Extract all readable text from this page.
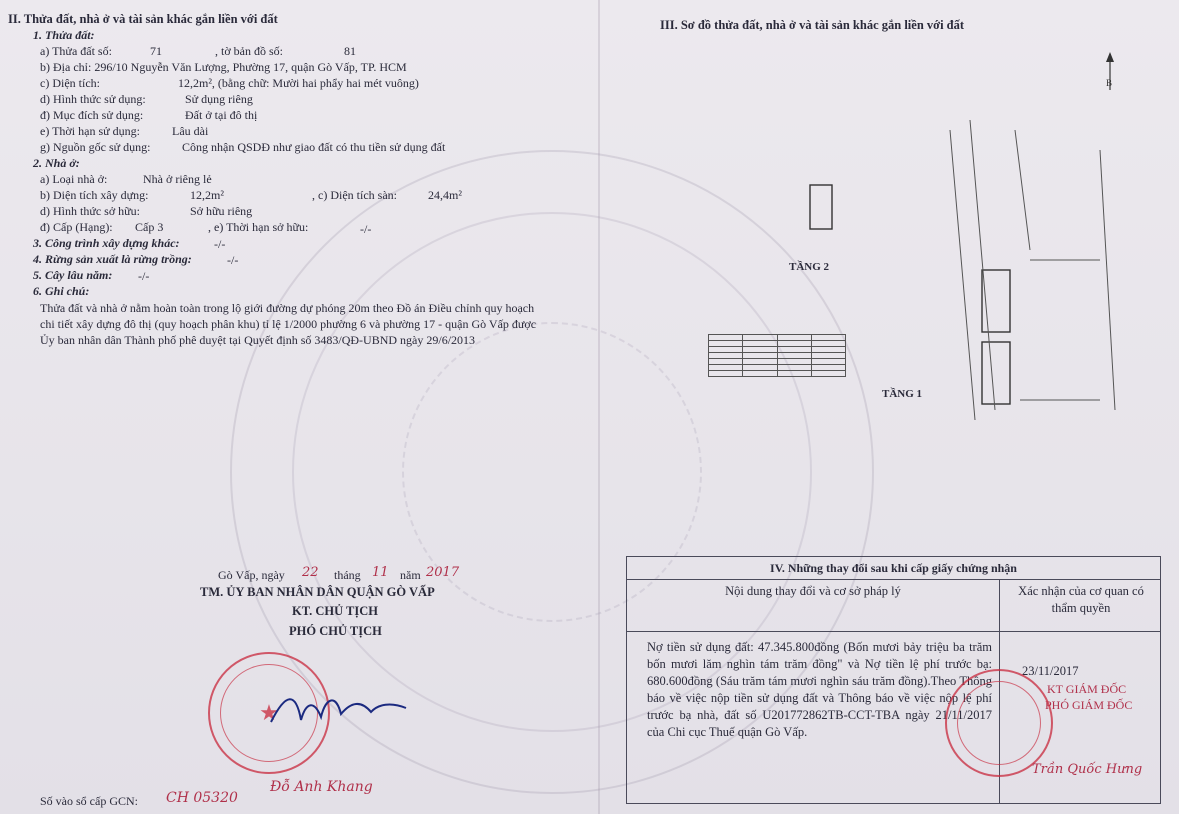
II. Thửa đất, nhà ở và tài sản khác gắn liền với đất
1. Thửa đất:
a) Thửa đất số:	71	, tờ bản đồ số:	81
b) Địa chỉ: 296/10 Nguyễn Văn Lượng, Phường 17, quận Gò Vấp, TP. HCM
c) Diện tích:	12,2m², (bằng chữ: Mười hai phẩy hai mét vuông)
d) Hình thức sử dụng:	Sử dụng riêng
đ) Mục đích sử dụng:	Đất ở tại đô thị
e) Thời hạn sử dụng:	Lâu dài
g) Nguồn gốc sử dụng:	Công nhận QSDĐ như giao đất có thu tiền sử dụng đất
2. Nhà ở:
a) Loại nhà ở:	Nhà ở riêng lẻ
b) Diện tích xây dựng:	12,2m²	, c) Diện tích sàn:	24,4m²
d) Hình thức sở hữu:	Sở hữu riêng
đ) Cấp (Hạng): Cấp 3	, e) Thời hạn sở hữu:	-/-
3. Công trình xây dựng khác:	-/-
4. Rừng sản xuất là rừng trồng:	-/-
5. Cây lâu năm: -/-
6. Ghi chú:
Thửa đất và nhà ở nằm hoàn toàn trong lộ giới đường dự phóng 20m theo Đồ án Điều chỉnh quy hoạch chi tiết xây dựng đô thị (quy hoạch phân khu) tỉ lệ 1/2000 phường 6 và phường 17 - quận Gò Vấp được Ủy ban nhân dân Thành phố phê duyệt tại Quyết định số 3483/QĐ-UBND ngày 29/6/2013
Gò Vấp, ngày 22 tháng 11 năm 2017
TM. ỦY BAN NHÂN DÂN QUẬN GÒ VẤP
KT. CHỦ TỊCH
PHÓ CHỦ TỊCH
★
Đỗ Anh Khang
Số vào sổ cấp GCN: CH 05320
III. Sơ đồ thửa đất, nhà ở và tài sản khác gắn liền với đất
B
TẦNG 2
TẦNG 1

IV. Những thay đổi sau khi cấp giấy chứng nhận
Nội dung thay đổi và cơ sở pháp lý	Xác nhận của cơ quan có thẩm quyền
Nợ tiền sử dụng đất: 47.345.800đồng (Bốn mươi bảy triệu ba trăm bốn mươi lăm nghìn tám trăm đồng" và Nợ tiền lệ phí trước bạ: 680.600đồng (Sáu trăm tám mươi nghìn sáu trăm đồng).Theo Thông báo về việc nộp tiền sử dụng đất và Thông báo về việc nộp lệ phí trước bạ nhà, đất số U201772862TB-CCT-TBA ngày 21/11/2017 của Chi cục Thuế quận Gò Vấp.
23/11/2017
KT GIÁM ĐỐC
PHÓ GIÁM ĐỐC
Trần Quốc Hưng
